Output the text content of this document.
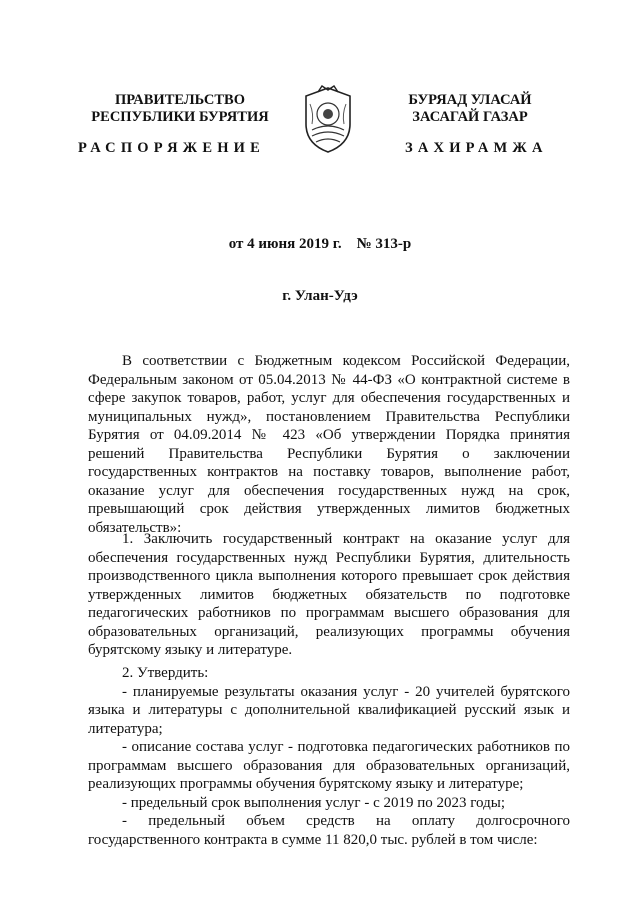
ПРАВИТЕЛЬСТВО
РЕСПУБЛИКИ БУРЯТИЯ
БУРЯАД УЛАСАЙ
ЗАСАГАЙ ГАЗАР
РАСПОРЯЖЕНИЕ	ЗАХИРАМЖА
от 4 июня 2019 г.    № 313-р
г. Улан-Удэ

В соответствии с Бюджетным кодексом Российской Федерации, Федеральным законом от 05.04.2013 № 44-ФЗ «О контрактной системе в сфере закупок товаров, работ, услуг для обеспечения государственных и муниципальных нужд», постановлением Правительства Республики Бурятия от 04.09.2014 № 423 «Об утверждении Порядка принятия решений Правительства Республики Бурятия о заключении государственных контрактов на поставку товаров, выполнение работ, оказание услуг для обеспечения государственных нужд на срок, превышающий срок действия утвержденных лимитов бюджетных обязательств»:

1. Заключить государственный контракт на оказание услуг для обеспечения государственных нужд Республики Бурятия, длительность производственного цикла выполнения которого превышает срок действия утвержденных лимитов бюджетных обязательств по подготовке педагогических работников по программам высшего образования для образовательных организаций, реализующих программы обучения бурятскому языку и литературе.

2. Утвердить:

- планируемые результаты оказания услуг - 20 учителей бурятского языка и литературы с дополнительной квалификацией русский язык и литература;

- описание состава услуг - подготовка педагогических работников по программам высшего образования для образовательных организаций, реализующих программы обучения бурятскому языку и литературе;

- предельный срок выполнения услуг - с 2019 по 2023 годы;

- предельный объем средств на оплату долгосрочного государственного контракта в сумме 11 820,0 тыс. рублей в том числе:
